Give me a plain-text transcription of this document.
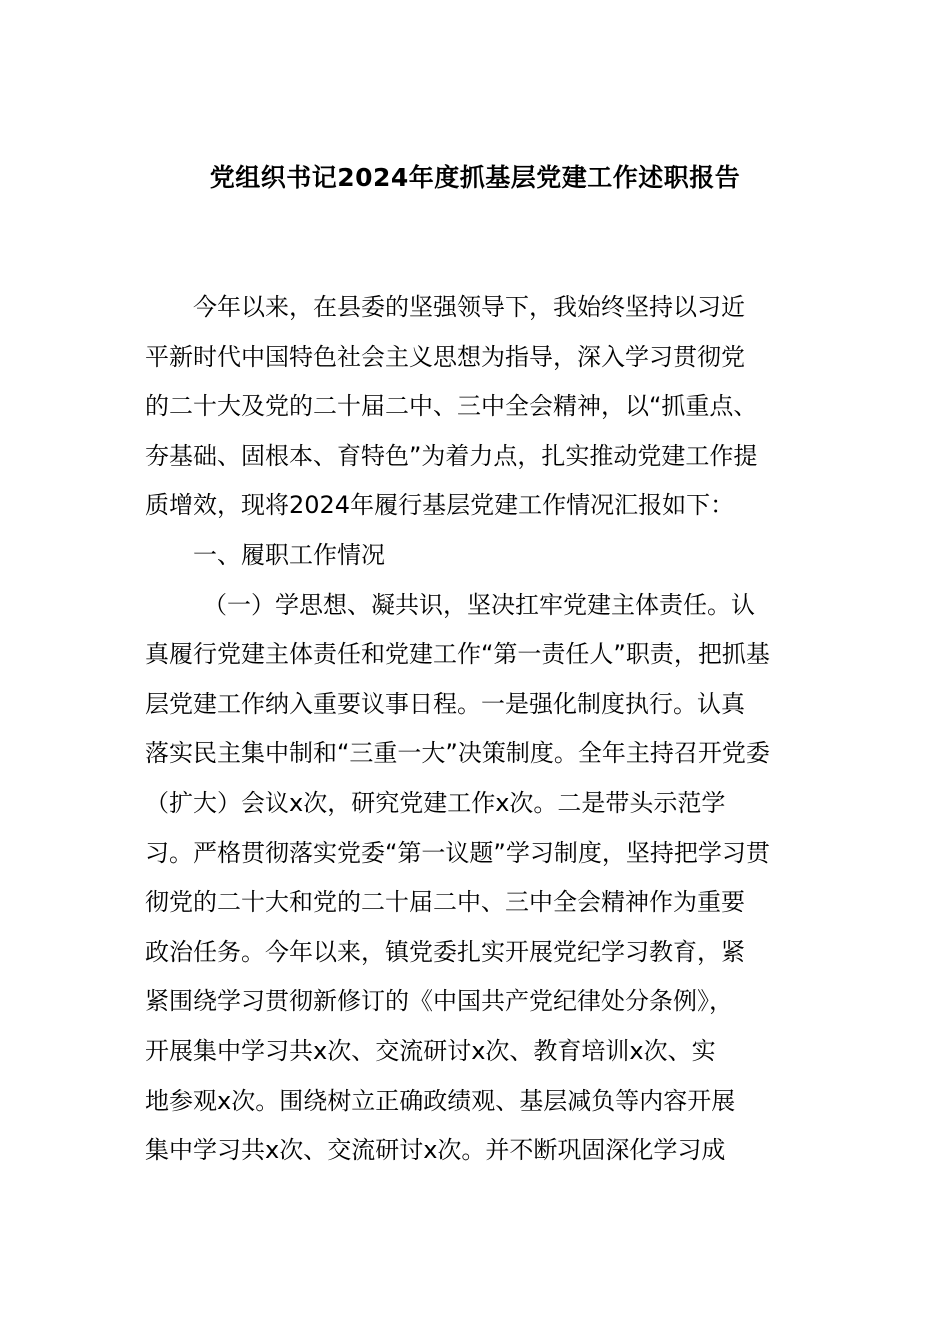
党组织书记2024年度抓基层党建工作述职报告
今年以来，在县委的坚强领导下，我始终坚持以习近
平新时代中国特色社会主义思想为指导，深入学习贯彻党
的二十大及党的二十届二中、三中全会精神，以“抓重点、
夯基础、固根本、育特色”为着力点，扎实推动党建工作提
质增效，现将2024年履行基层党建工作情况汇报如下：
一、履职工作情况
（一）学思想、凝共识，坚决扛牢党建主体责任。认
真履行党建主体责任和党建工作“第一责任人”职责，把抓基
层党建工作纳入重要议事日程。一是强化制度执行。认真
落实民主集中制和“三重一大”决策制度。全年主持召开党委
（扩大）会议x次，研究党建工作x次。二是带头示范学
习。严格贯彻落实党委“第一议题”学习制度，坚持把学习贯
彻党的二十大和党的二十届二中、三中全会精神作为重要
政治任务。今年以来，镇党委扎实开展党纪学习教育，紧
紧围绕学习贯彻新修订的《中国共产党纪律处分条例》，
开展集中学习共x次、交流研讨x次、教育培训x次、实
地参观x次。围绕树立正确政绩观、基层减负等内容开展
集中学习共x次、交流研讨x次。并不断巩固深化学习成
